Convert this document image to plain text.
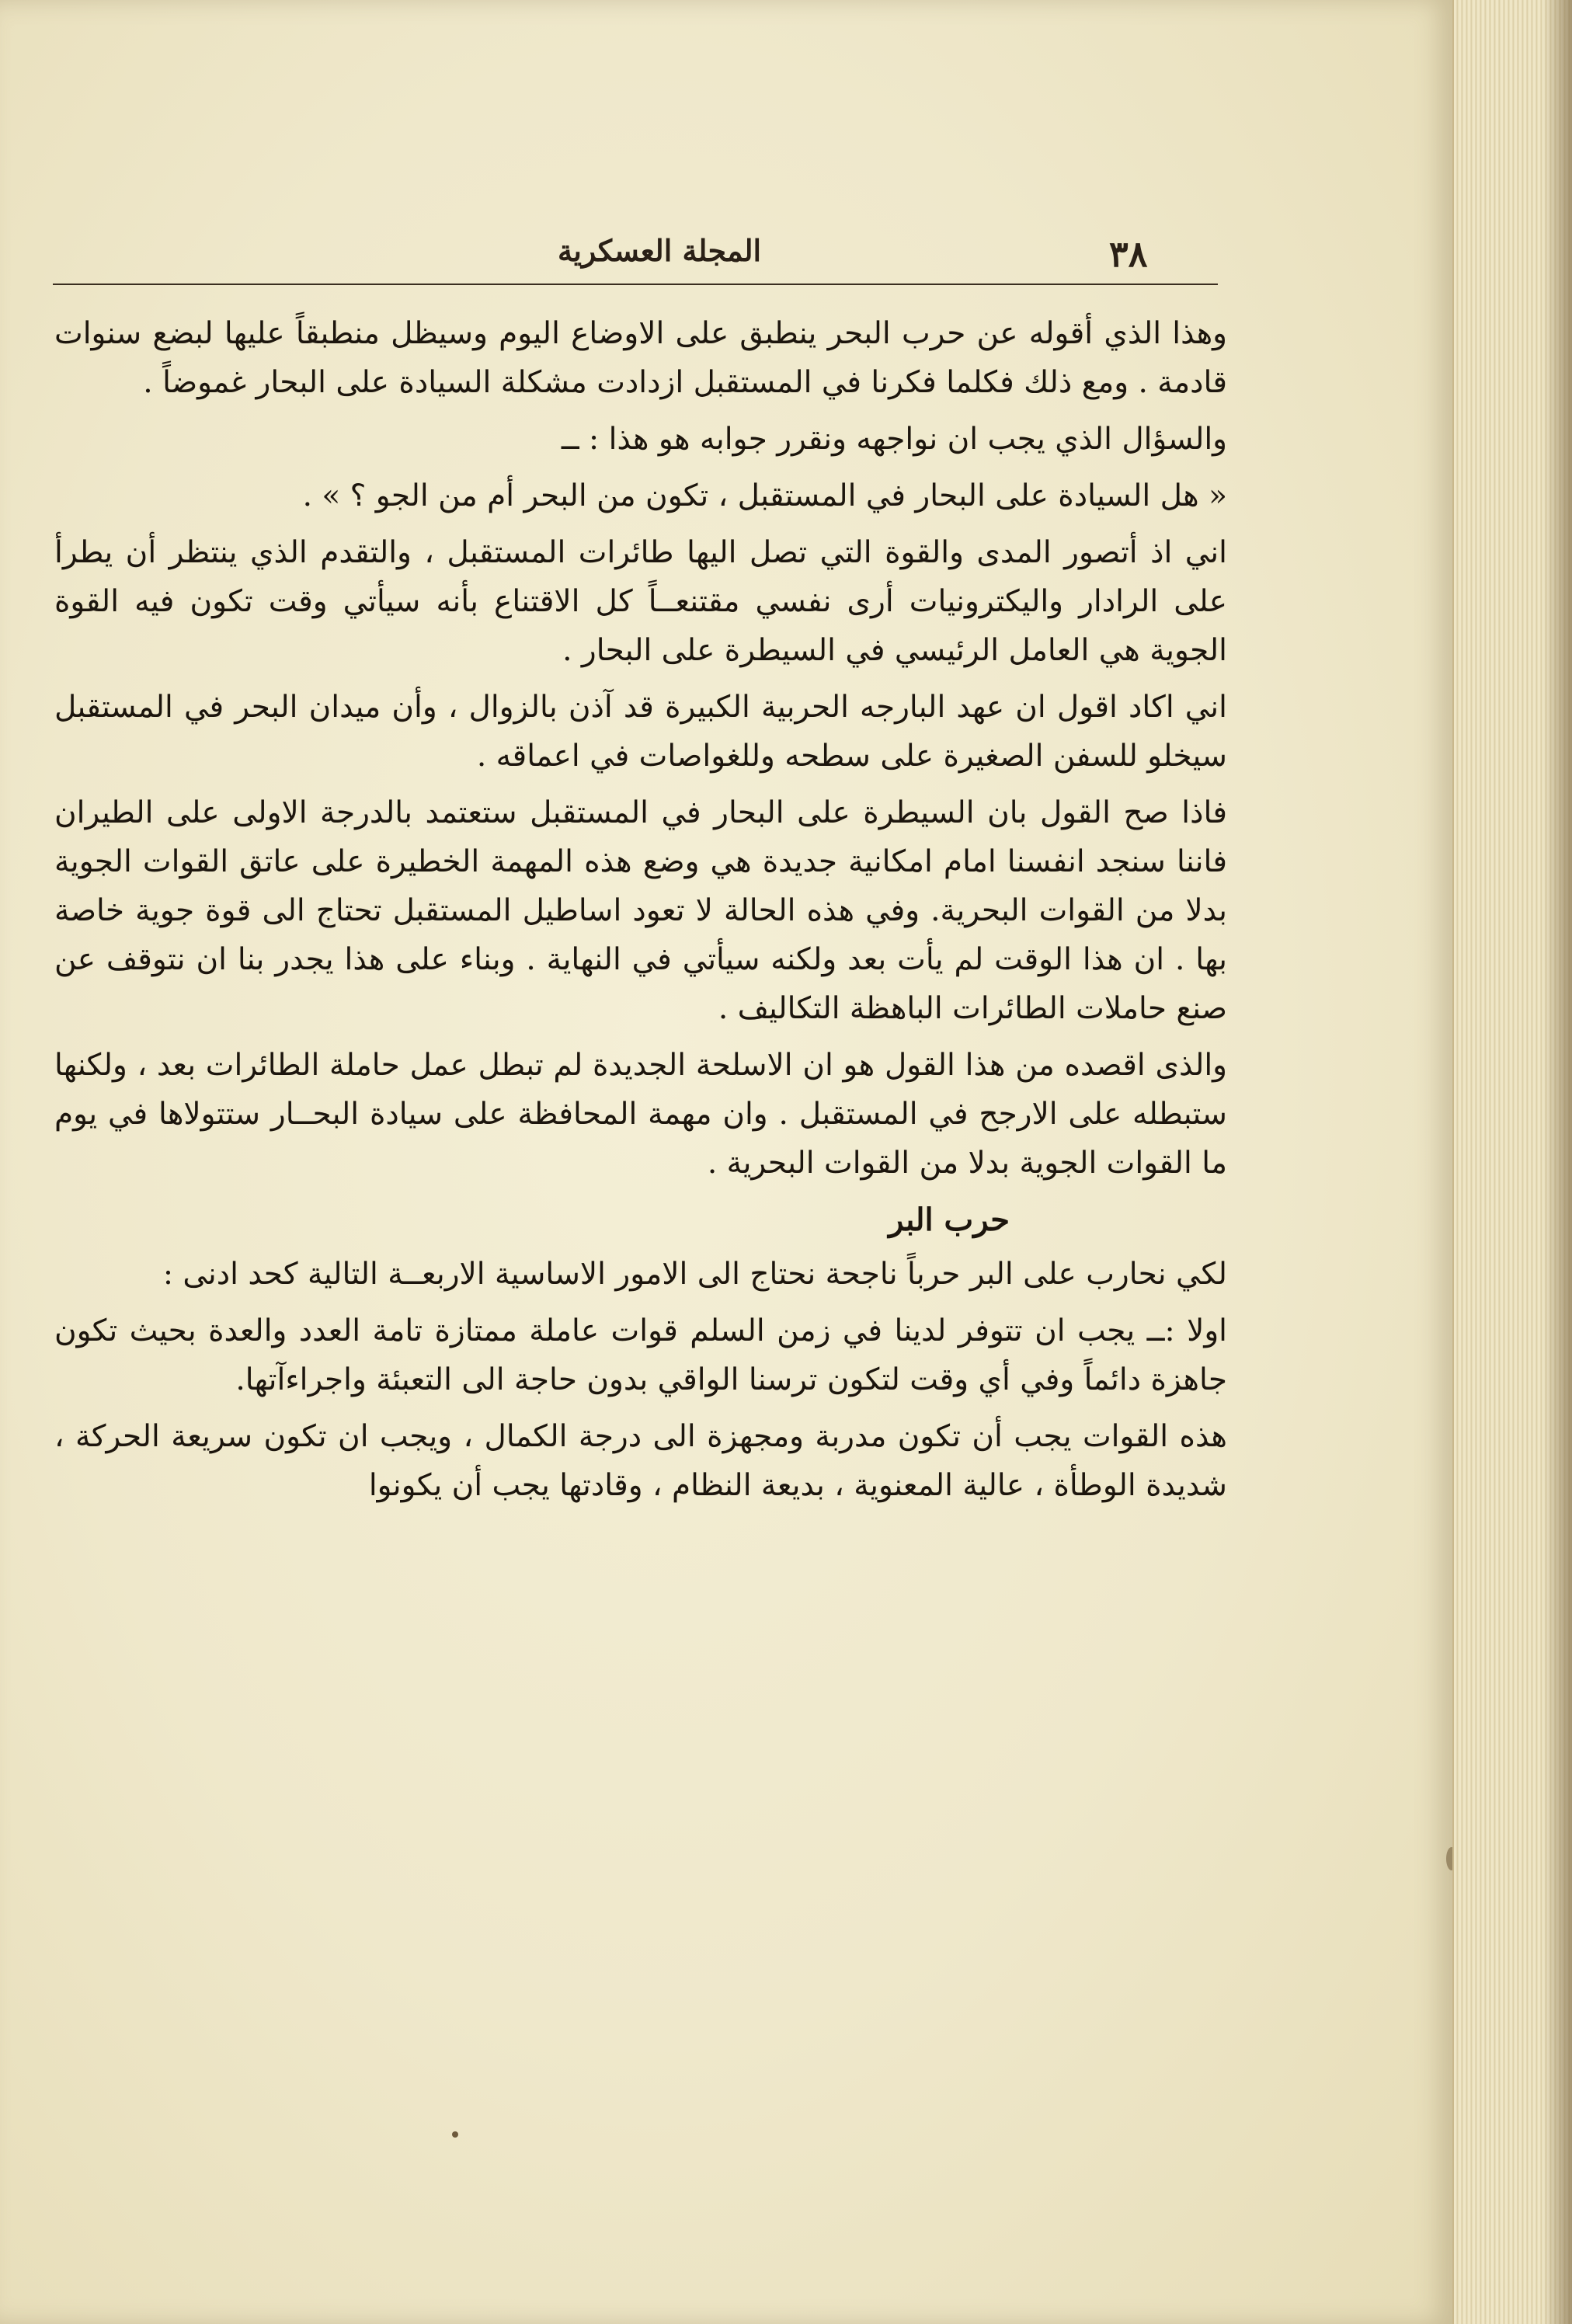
٣٨
المجلة العسكرية

وهذا الذي أقوله عن حرب البحر ينطبق على الاوضاع اليوم وسيظل منطبقاً عليها لبضع سنوات قادمة . ومع ذلك فكلما فكرنا في المستقبل ازدادت مشكلة السيادة على البحار غموضاً .

والسؤال الذي يجب ان نواجهه ونقرر جوابه هو هذا : ــ

« هل السيادة على البحار في المستقبل ، تكون من البحر أم من الجو ؟ » .

اني اذ أتصور المدى والقوة التي تصل اليها طائرات المستقبل ، والتقدم الذي ينتظر أن يطرأ على الرادار واليكترونيات أرى نفسي مقتنعــاً كل الاقتناع بأنه سيأتي وقت تكون فيه القوة الجوية هي العامل الرئيسي في السيطرة على البحار .

اني اكاد اقول ان عهد البارجه الحربية الكبيرة قد آذن بالزوال ، وأن ميدان البحر في المستقبل سيخلو للسفن الصغيرة على سطحه وللغواصات في اعماقه .

فاذا صح القول بان السيطرة على البحار في المستقبل ستعتمد بالدرجة الاولى على الطيران فاننا سنجد انفسنا امام امكانية جديدة هي وضع هذه المهمة الخطيرة على عاتق القوات الجوية بدلا من القوات البحرية. وفي هذه الحالة لا تعود اساطيل المستقبل تحتاج الى قوة جوية خاصة بها . ان هذا الوقت لم يأت بعد ولكنه سيأتي في النهاية . وبناء على هذا يجدر بنا ان نتوقف عن صنع حاملات الطائرات الباهظة التكاليف .

والذى اقصده من هذا القول هو ان الاسلحة الجديدة لم تبطل عمل حاملة الطائرات بعد ، ولكنها ستبطله على الارجح في المستقبل . وان مهمة المحافظة على سيادة البحــار ستتولاها في يوم ما القوات الجوية بدلا من القوات البحرية .

حرب البر

لكي نحارب على البر حرباً ناجحة نحتاج الى الامور الاساسية الاربعــة التالية كحد ادنى :

اولا :ــ يجب ان تتوفر لدينا في زمن السلم قوات عاملة ممتازة تامة العدد والعدة بحيث تكون جاهزة دائماً وفي أي وقت لتكون ترسنا الواقي بدون حاجة الى التعبئة واجراءآتها.

هذه القوات يجب أن تكون مدربة ومجهزة الى درجة الكمال ، ويجب ان تكون سريعة الحركة ، شديدة الوطأة ، عالية المعنوية ، بديعة النظام ، وقادتها يجب أن يكونوا
